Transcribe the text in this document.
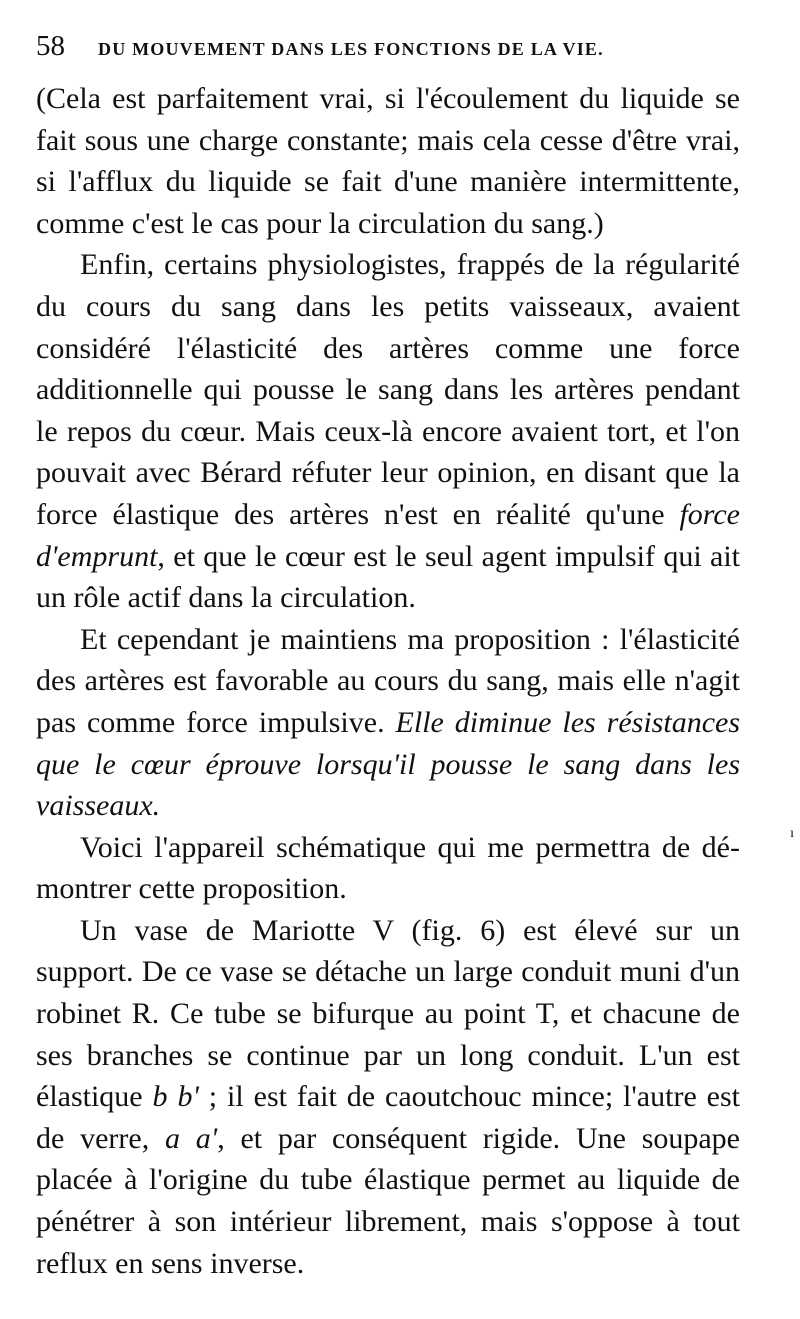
58	DU MOUVEMENT DANS LES FONCTIONS DE LA VIE.

(Cela est parfaitement vrai, si l'écoulement du liquide se fait sous une charge constante; mais cela cesse d'être vrai, si l'afflux du liquide se fait d'une manière intermittente, comme c'est le cas pour la circulation du sang.)

Enfin, certains physiologistes, frappés de la régularité du cours du sang dans les petits vaisseaux, avaient considéré l'élasticité des artères comme une force additionnelle qui pousse le sang dans les artères pendant le repos du cœur. Mais ceux-là encore avaient tort, et l'on pouvait avec Bérard réfuter leur opinion, en disant que la force élastique des artères n'est en réalité qu'une force d'emprunt, et que le cœur est le seul agent impulsif qui ait un rôle actif dans la circulation.

Et cependant je maintiens ma proposition : l'élasticité des artères est favorable au cours du sang, mais elle n'agit pas comme force impulsive. Elle diminue les résistances que le cœur éprouve lorsqu'il pousse le sang dans les vaisseaux.

Voici l'appareil schématique qui me permettra de démontrer cette proposition.

Un vase de Mariotte V (fig. 6) est élevé sur un support. De ce vase se détache un large conduit muni d'un robinet R. Ce tube se bifurque au point T, et chacune de ses branches se continue par un long conduit. L'un est élastique b b' ; il est fait de caoutchouc mince; l'autre est de verre, a a', et par conséquent rigide. Une soupape placée à l'origine du tube élastique permet au liquide de pénétrer à son intérieur librement, mais s'oppose à tout reflux en sens inverse.

ı
